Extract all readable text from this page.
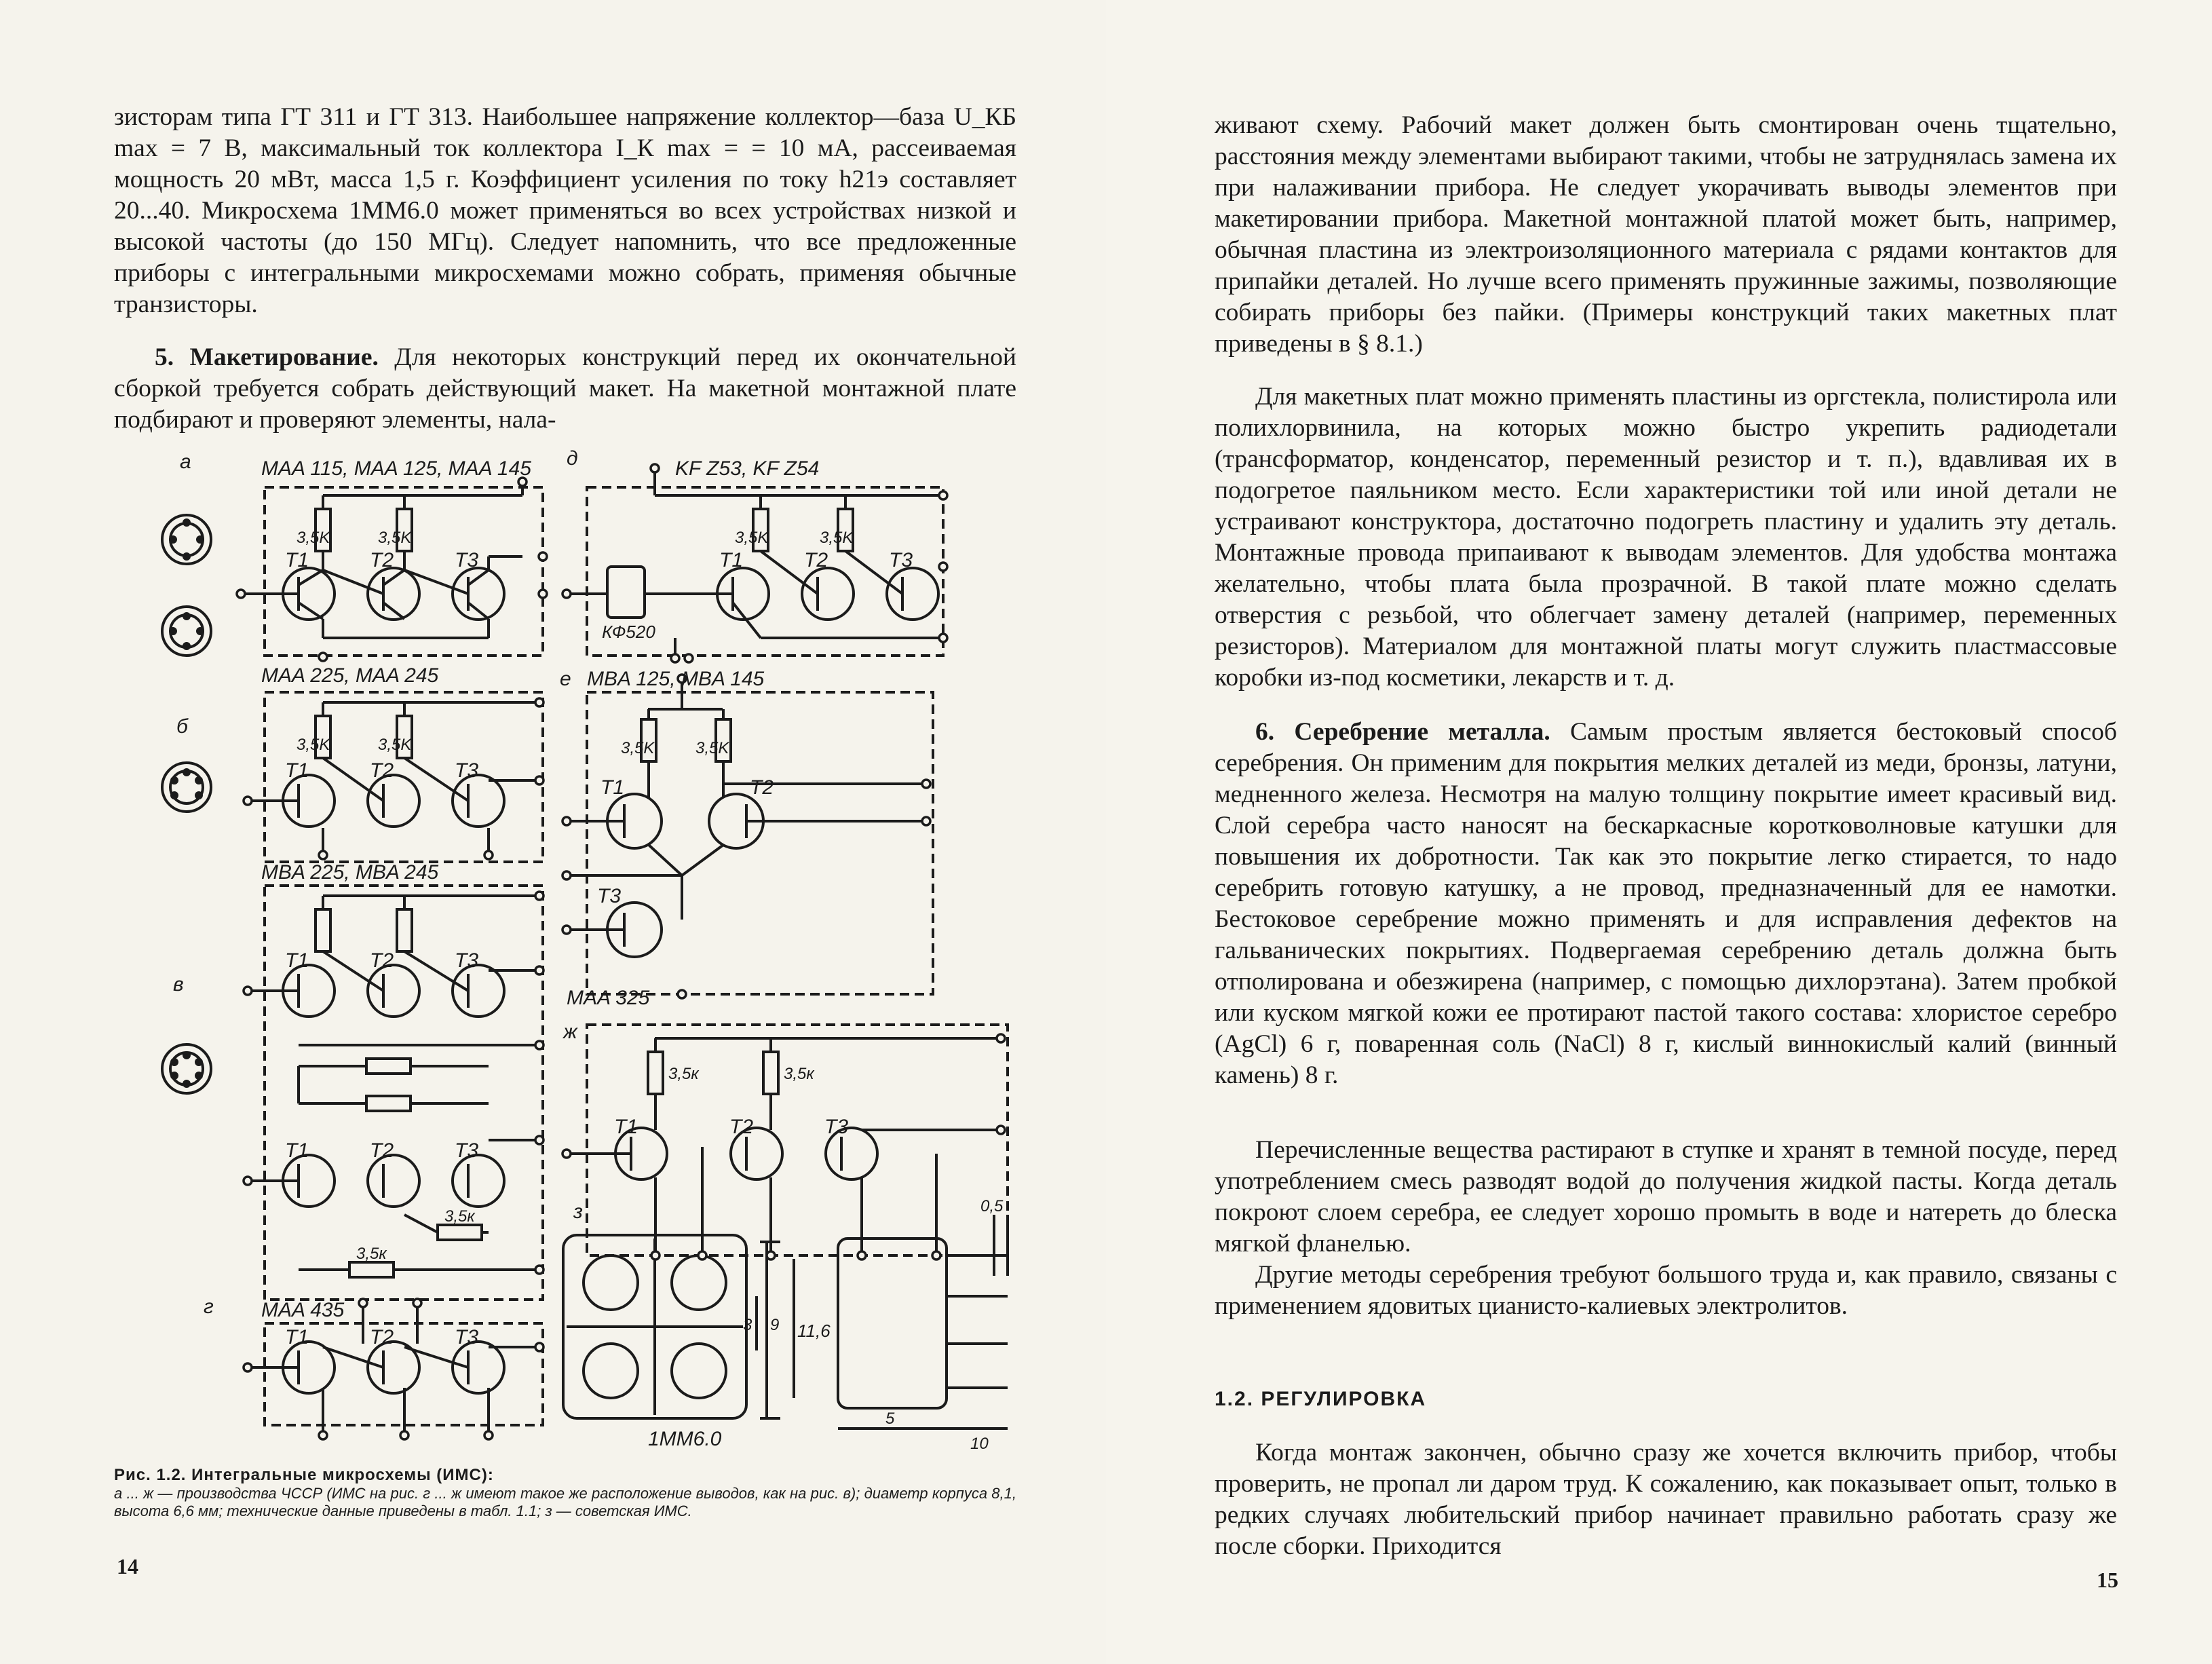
зисторам типа ГТ 311 и ГТ 313. Наибольшее напряжение коллектор—база U_КБ max = 7 В, максимальный ток коллектора I_К max = = 10 мА, рассеиваемая мощность 20 мВт, масса 1,5 г. Коэффициент усиления по току h21э составляет 20...40. Микросхема 1ММ6.0 может применяться во всех устройствах низкой и высокой частоты (до 150 МГц). Следует напомнить, что все предложенные приборы с интегральными микросхемами можно собрать, применяя обычные транзисторы.

5. Макетирование. Для некоторых конструкций перед их окончательной сборкой требуется собрать действующий макет. На макетной монтажной плате подбирают и проверяют элементы, нала-

Рис. 1.2. Интегральные микросхемы (ИМС):
а ... ж — производства ЧССР (ИМС на рис. г ... ж имеют такое же расположение выводов, как на рис. в); диаметр корпуса 8,1, высота 6,6 мм; технические данные приведены в табл. 1.1; з — советская ИМС.
14
а	MAA 115, MAA 125, MAA 145 д	KF Z53, KF Z54
T1	T2	T3
3,5K	3,5K
T1	T2	T3
3,5K	3,5K
КФ520
MAA 225, MAA 245
б
е MBA 125, MBA 145
T1	T2	T3
3,5K	3,5K
T1	T2
T3
3,5K	3,5K
MBA 225, MBA 245
в
T1	T2	T3
T1	T2	T3
3,5к
3,5к
MAA 325
ж
T1	T2	T3
3,5к	3,5к
г MAA 435
T1	T2	T3
з
1ММ6.0
11,6
9
3
5
10
0,5

живают схему. Рабочий макет должен быть смонтирован очень тщательно, расстояния между элементами выбирают такими, чтобы не затруднялась замена их при налаживании прибора. Не следует укорачивать выводы элементов при макетировании прибора. Макетной монтажной платой может быть, например, обычная пластина из электроизоляционного материала с рядами контактов для припайки деталей. Но лучше всего применять пружинные зажимы, позволяющие собирать приборы без пайки. (Примеры конструкций таких макетных плат приведены в § 8.1.)

Для макетных плат можно применять пластины из оргстекла, полистирола или полихлорвинила, на которых можно быстро укрепить радиодетали (трансформатор, конденсатор, переменный резистор и т. п.), вдавливая их в подогретое паяльником место. Если характеристики той или иной детали не устраивают конструктора, достаточно подогреть пластину и удалить эту деталь. Монтажные провода припаивают к выводам элементов. Для удобства монтажа желательно, чтобы плата была прозрачной. В такой плате можно сделать отверстия с резьбой, что облегчает замену деталей (например, переменных резисторов). Материалом для монтажной платы могут служить пластмассовые коробки из-под косметики, лекарств и т. д.

6. Серебрение металла. Самым простым является бестоковый способ серебрения. Он применим для покрытия мелких деталей из меди, бронзы, латуни, медненного железа. Несмотря на малую толщину покрытие имеет красивый вид. Слой серебра часто наносят на бескаркасные коротковолновые катушки для повышения их добротности. Так как это покрытие легко стирается, то надо серебрить готовую катушку, а не провод, предназначенный для ее намотки. Бестоковое серебрение можно применять и для исправления дефектов на гальванических покрытиях. Подвергаемая серебрению деталь должна быть отполирована и обезжирена (например, с помощью дихлорэтана). Затем пробкой или куском мягкой кожи ее протирают пастой такого состава: хлористое серебро (AgCl) 6 г, поваренная соль (NaCl) 8 г, кислый виннокислый калий (винный камень) 8 г.

Перечисленные вещества растирают в ступке и хранят в темной посуде, перед употреблением смесь разводят водой до получения жидкой пасты. Когда деталь покроют слоем серебра, ее следует хорошо промыть в воде и натереть до блеска мягкой фланелью.

Другие методы серебрения требуют большого труда и, как правило, связаны с применением ядовитых цианисто-калиевых электролитов.

1.2. РЕГУЛИРОВКА

Когда монтаж закончен, обычно сразу же хочется включить прибор, чтобы проверить, не пропал ли даром труд. К сожалению, как показывает опыт, только в редких случаях любительский прибор начинает правильно работать сразу же после сборки. Приходится

15
